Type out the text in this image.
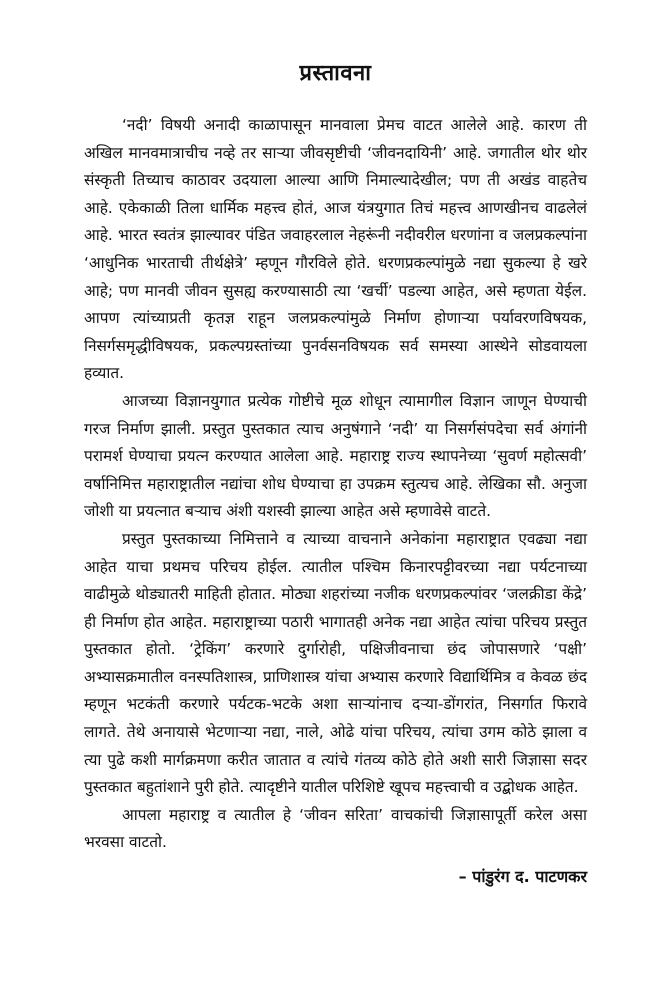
प्रस्तावना

‘नदी’ विषयी अनादी काळापासून मानवाला प्रेमच वाटत आलेले आहे. कारण ती अखिल मानवमात्राचीच नव्हे तर साऱ्या जीवसृष्टीची ‘जीवनदायिनी’ आहे. जगातील थोर थोर संस्कृती तिच्याच काठावर उदयाला आल्या आणि निमाल्यादेखील; पण ती अखंड वाहतेच आहे. एकेकाळी तिला धार्मिक महत्त्व होतं, आज यंत्रयुगात तिचं महत्त्व आणखीनच वाढलेलं आहे. भारत स्वतंत्र झाल्यावर पंडित जवाहरलाल नेहरूंनी नदीवरील धरणांना व जलप्रकल्पांना ‘आधुनिक भारताची तीर्थक्षेत्रे’ म्हणून गौरविले होते. धरणप्रकल्पांमुळे नद्या सुकल्या हे खरे आहे; पण मानवी जीवन सुसह्य करण्यासाठी त्या ‘खर्ची’ पडल्या आहेत, असे म्हणता येईल. आपण त्यांच्याप्रती कृतज्ञ राहून जलप्रकल्पांमुळे निर्माण होणाऱ्या पर्यावरणविषयक, निसर्गसमृद्धीविषयक, प्रकल्पग्रस्तांच्या पुनर्वसनविषयक सर्व समस्या आस्थेने सोडवायला हव्यात.

आजच्या विज्ञानयुगात प्रत्येक गोष्टीचे मूळ शोधून त्यामागील विज्ञान जाणून घेण्याची गरज निर्माण झाली. प्रस्तुत पुस्तकात त्याच अनुषंगाने ‘नदी’ या निसर्गसंपदेचा सर्व अंगांनी परामर्श घेण्याचा प्रयत्न करण्यात आलेला आहे. महाराष्ट्र राज्य स्थापनेच्या ‘सुवर्ण महोत्सवी’ वर्षानिमित्त महाराष्ट्रातील नद्यांचा शोध घेण्याचा हा उपक्रम स्तुत्यच आहे. लेखिका सौ. अनुजा जोशी या प्रयत्नात बऱ्याच अंशी यशस्वी झाल्या आहेत असे म्हणावेसे वाटते.

प्रस्तुत पुस्तकाच्या निमित्ताने व त्याच्या वाचनाने अनेकांना महाराष्ट्रात एवढ्या नद्या आहेत याचा प्रथमच परिचय होईल. त्यातील पश्चिम किनारपट्टीवरच्या नद्या पर्यटनाच्या वाढीमुळे थोड्यातरी माहिती होतात. मोठ्या शहरांच्या नजीक धरणप्रकल्पांवर ‘जलक्रीडा केंद्रे’ ही निर्माण होत आहेत. महाराष्ट्राच्या पठारी भागातही अनेक नद्या आहेत त्यांचा परिचय प्रस्तुत पुस्तकात होतो. ‘ट्रेकिंग’ करणारे दुर्गारोही, पक्षिजीवनाचा छंद जोपासणारे ‘पक्षी’ अभ्यासक्रमातील वनस्पतिशास्त्र, प्राणिशास्त्र यांचा अभ्यास करणारे विद्यार्थिमित्र व केवळ छंद म्हणून भटकंती करणारे पर्यटक-भटके अशा साऱ्यांनाच दऱ्या-डोंगरांत, निसर्गात फिरावे लागते. तेथे अनायासे भेटणाऱ्या नद्या, नाले, ओढे यांचा परिचय, त्यांचा उगम कोठे झाला व त्या पुढे कशी मार्गक्रमणा करीत जातात व त्यांचे गंतव्य कोठे होते अशी सारी जिज्ञासा सदर पुस्तकात बहुतांशाने पुरी होते. त्यादृष्टीने यातील परिशिष्टे खूपच महत्त्वाची व उद्बोधक आहेत.

आपला महाराष्ट्र व त्यातील हे ‘जीवन सरिता’ वाचकांची जिज्ञासापूर्ती करेल असा भरवसा वाटतो.

– पांडुरंग द. पाटणकर
